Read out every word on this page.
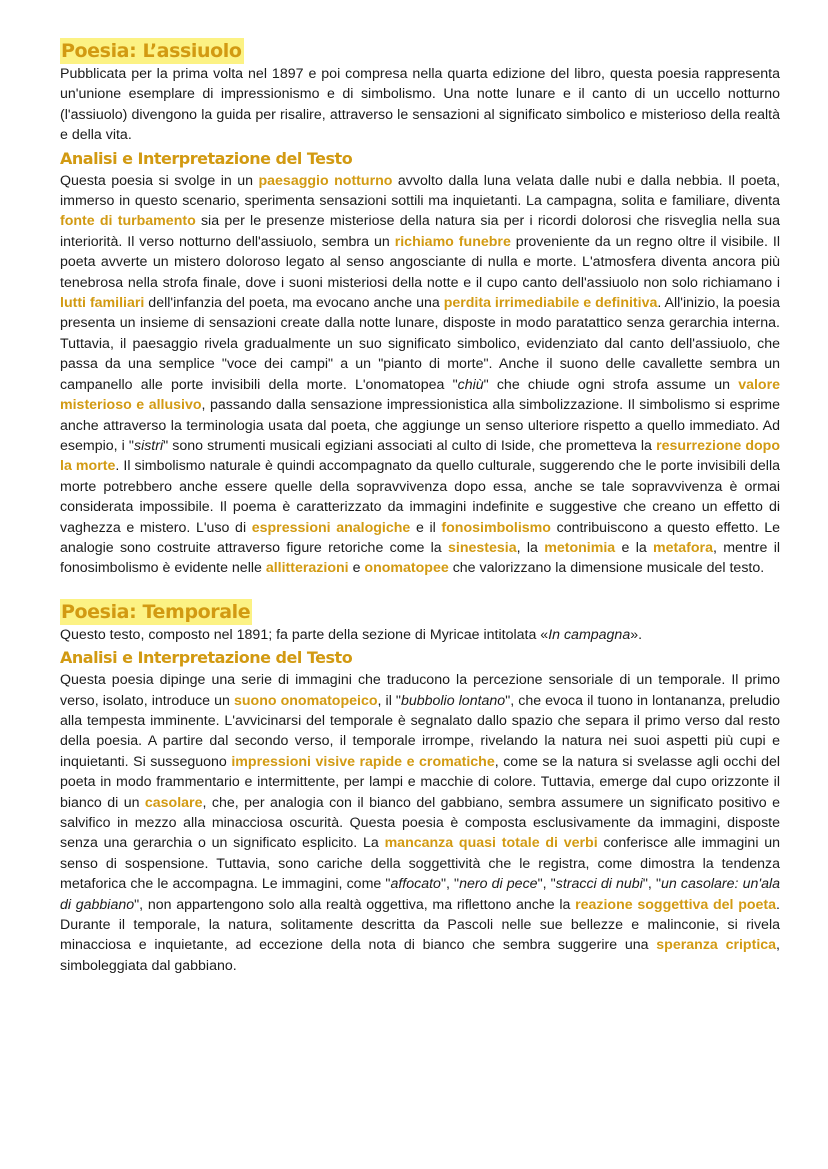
Poesia: L’assiuolo

Pubblicata per la prima volta nel 1897 e poi compresa nella quarta edizione del libro, questa poesia rappresenta un'unione esemplare di impressionismo e di simbolismo. Una notte lunare e il canto di un uccello notturno (l'assiuolo) divengono la guida per risalire, attraverso le sensazioni al significato simbolico e misterioso della realtà e della vita.

Analisi e Interpretazione del Testo

Questa poesia si svolge in un paesaggio notturno avvolto dalla luna velata dalle nubi e dalla nebbia. Il poeta, immerso in questo scenario, sperimenta sensazioni sottili ma inquietanti. La campagna, solita e familiare, diventa fonte di turbamento sia per le presenze misteriose della natura sia per i ricordi dolorosi che risveglia nella sua interiorità. Il verso notturno dell'assiuolo, sembra un richiamo funebre proveniente da un regno oltre il visibile. Il poeta avverte un mistero doloroso legato al senso angosciante di nulla e morte. L'atmosfera diventa ancora più tenebrosa nella strofa finale, dove i suoni misteriosi della notte e il cupo canto dell'assiuolo non solo richiamano i lutti familiari dell'infanzia del poeta, ma evocano anche una perdita irrimediabile e definitiva. All'inizio, la poesia presenta un insieme di sensazioni create dalla notte lunare, disposte in modo paratattico senza gerarchia interna. Tuttavia, il paesaggio rivela gradualmente un suo significato simbolico, evidenziato dal canto dell'assiuolo, che passa da una semplice "voce dei campi" a un "pianto di morte". Anche il suono delle cavallette sembra un campanello alle porte invisibili della morte. L'onomatopea "chiù" che chiude ogni strofa assume un valore misterioso e allusivo, passando dalla sensazione impressionistica alla simbolizzazione. Il simbolismo si esprime anche attraverso la terminologia usata dal poeta, che aggiunge un senso ulteriore rispetto a quello immediato. Ad esempio, i "sistri" sono strumenti musicali egiziani associati al culto di Iside, che prometteva la resurrezione dopo la morte. Il simbolismo naturale è quindi accompagnato da quello culturale, suggerendo che le porte invisibili della morte potrebbero anche essere quelle della sopravvivenza dopo essa, anche se tale sopravvivenza è ormai considerata impossibile. Il poema è caratterizzato da immagini indefinite e suggestive che creano un effetto di vaghezza e mistero. L'uso di espressioni analogiche e il fonosimbolismo contribuiscono a questo effetto. Le analogie sono costruite attraverso figure retoriche come la sinestesia, la metonimia e la metafora, mentre il fonosimbolismo è evidente nelle allitterazioni e onomatopee che valorizzano la dimensione musicale del testo.

Poesia: Temporale

Questo testo, composto nel 1891; fa parte della sezione di Myricae intitolata «In campagna».

Analisi e Interpretazione del Testo

Questa poesia dipinge una serie di immagini che traducono la percezione sensoriale di un temporale. Il primo verso, isolato, introduce un suono onomatopeico, il "bubbolio lontano", che evoca il tuono in lontananza, preludio alla tempesta imminente. L'avvicinarsi del temporale è segnalato dallo spazio che separa il primo verso dal resto della poesia. A partire dal secondo verso, il temporale irrompe, rivelando la natura nei suoi aspetti più cupi e inquietanti. Si susseguono impressioni visive rapide e cromatiche, come se la natura si svelasse agli occhi del poeta in modo frammentario e intermittente, per lampi e macchie di colore. Tuttavia, emerge dal cupo orizzonte il bianco di un casolare, che, per analogia con il bianco del gabbiano, sembra assumere un significato positivo e salvifico in mezzo alla minacciosa oscurità. Questa poesia è composta esclusivamente da immagini, disposte senza una gerarchia o un significato esplicito. La mancanza quasi totale di verbi conferisce alle immagini un senso di sospensione. Tuttavia, sono cariche della soggettività che le registra, come dimostra la tendenza metaforica che le accompagna. Le immagini, come "affocato", "nero di pece", "stracci di nubi", "un casolare: un'ala di gabbiano", non appartengono solo alla realtà oggettiva, ma riflettono anche la reazione soggettiva del poeta. Durante il temporale, la natura, solitamente descritta da Pascoli nelle sue bellezze e malinconie, si rivela minacciosa e inquietante, ad eccezione della nota di bianco che sembra suggerire una speranza criptica, simboleggiata dal gabbiano.
